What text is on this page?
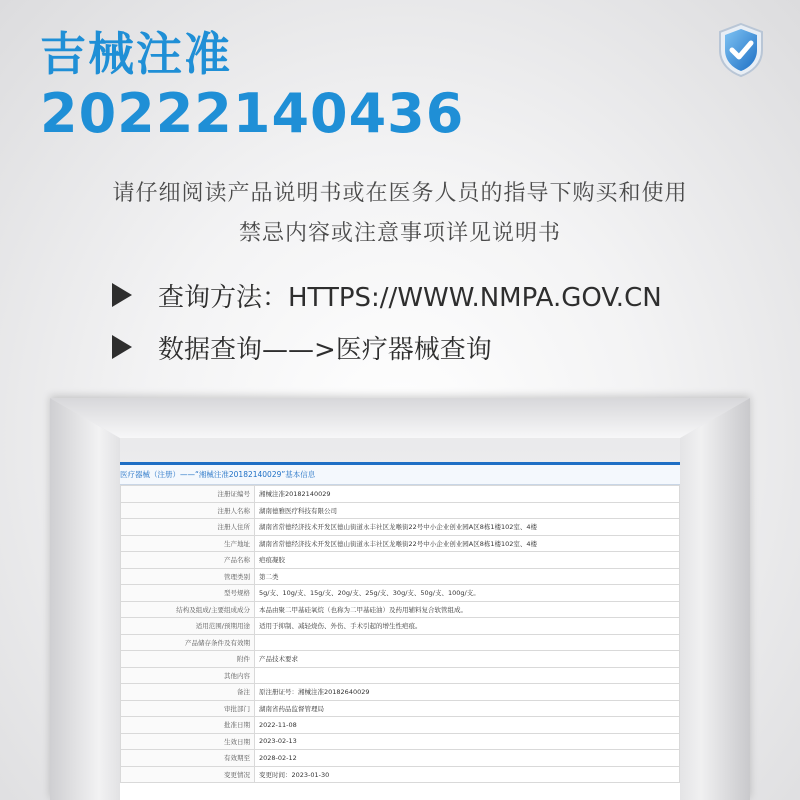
吉械注准
20222140436
请仔细阅读产品说明书或在医务人员的指导下购买和使用
禁忌内容或注意事项详见说明书
查询方法：HTTPS://WWW.NMPA.GOV.CN
数据查询——>医疗器械查询
医疗器械（注册）——“湘械注准20182140029”基本信息
注册证编号	湘械注准20182140029
注册人名称	湖南德雅医疗科技有限公司
注册人住所	湖南省常德经济技术开发区德山街道永丰社区龙喉街22号中小企业创业园A区8栋1楼102室、4楼
生产地址	湖南省常德经济技术开发区德山街道永丰社区龙喉街22号中小企业创业园A区8栋1楼102室、4楼
产品名称	疤痕凝胶
管理类别	第二类
型号规格	5g/支、10g/支、15g/支、20g/支、25g/支、30g/支、50g/支、100g/支。
结构及组成/主要组成成分	本品由聚二甲基硅氧烷（也称为二甲基硅油）及药用辅料复合软管组成。
适用范围/预期用途	适用于抑制、减轻烧伤、外伤、手术引起的增生性疤痕。
产品储存条件及有效期	
附件	产品技术要求
其他内容	
备注	原注册证号：湘械注准20182640029
审批部门	湖南省药品监督管理局
批准日期	2022-11-08
生效日期	2023-02-13
有效期至	2028-02-12
变更情况	变更时间：2023-01-30
